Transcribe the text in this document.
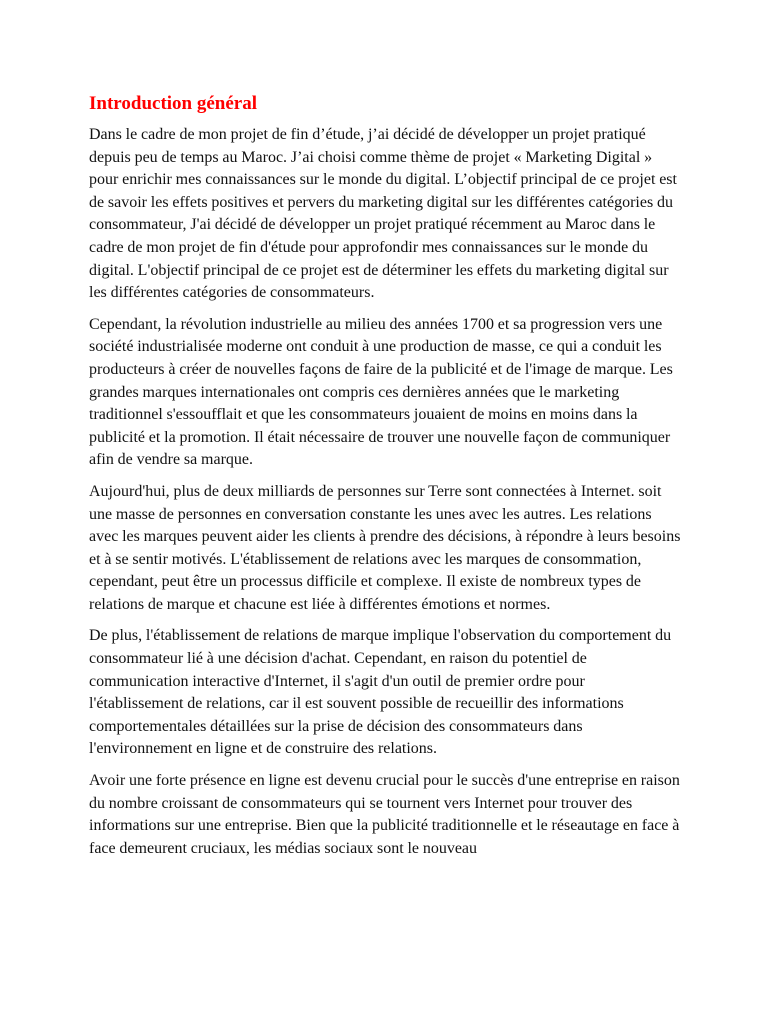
Introduction général

Dans le cadre de mon projet de fin d’étude, j’ai décidé de développer un projet pratiqué depuis peu de temps au Maroc. J’ai choisi comme thème de projet « Marketing Digital » pour enrichir mes connaissances sur le monde du digital. L’objectif principal de ce projet est de savoir les effets positives et pervers du marketing digital sur les différentes catégories du consommateur, J'ai décidé de développer un projet pratiqué récemment au Maroc dans le cadre de mon projet de fin d'étude pour approfondir mes connaissances sur le monde du digital. L'objectif principal de ce projet est de déterminer les effets du marketing digital sur les différentes catégories de consommateurs.

Cependant, la révolution industrielle au milieu des années 1700 et sa progression vers une société industrialisée moderne ont conduit à une production de masse, ce qui a conduit les producteurs à créer de nouvelles façons de faire de la publicité et de l'image de marque. Les grandes marques internationales ont compris ces dernières années que le marketing traditionnel s'essoufflait et que les consommateurs jouaient de moins en moins dans la publicité et la promotion. Il était nécessaire de trouver une nouvelle façon de communiquer afin de vendre sa marque.

Aujourd'hui, plus de deux milliards de personnes sur Terre sont connectées à Internet. soit une masse de personnes en conversation constante les unes avec les autres. Les relations avec les marques peuvent aider les clients à prendre des décisions, à répondre à leurs besoins et à se sentir motivés. L'établissement de relations avec les marques de consommation, cependant, peut être un processus difficile et complexe. Il existe de nombreux types de relations de marque et chacune est liée à différentes émotions et normes.

De plus, l'établissement de relations de marque implique l'observation du comportement du consommateur lié à une décision d'achat. Cependant, en raison du potentiel de communication interactive d'Internet, il s'agit d'un outil de premier ordre pour l'établissement de relations, car il est souvent possible de recueillir des informations comportementales détaillées sur la prise de décision des consommateurs dans l'environnement en ligne et de construire des relations.

Avoir une forte présence en ligne est devenu crucial pour le succès d'une entreprise en raison du nombre croissant de consommateurs qui se tournent vers Internet pour trouver des informations sur une entreprise. Bien que la publicité traditionnelle et le réseautage en face à face demeurent cruciaux, les médias sociaux sont le nouveau
